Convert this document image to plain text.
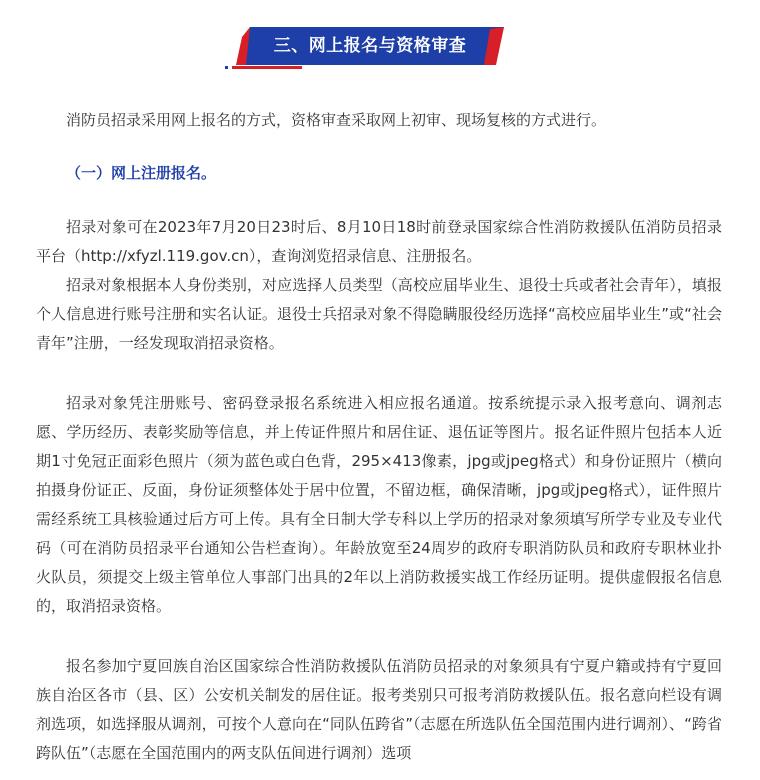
三、网上报名与资格审查

消防员招录采用网上报名的方式，资格审查采取网上初审、现场复核的方式进行。

（一）网上注册报名。

招录对象可在2023年7月20日23时后、8月10日18时前登录国家综合性消防救援队伍消防员招录平台（http://xfyzl.119.gov.cn），查询浏览招录信息、注册报名。

招录对象根据本人身份类别，对应选择人员类型（高校应届毕业生、退役士兵或者社会青年），填报个人信息进行账号注册和实名认证。退役士兵招录对象不得隐瞒服役经历选择“高校应届毕业生”或“社会青年”注册，一经发现取消招录资格。

招录对象凭注册账号、密码登录报名系统进入相应报名通道。按系统提示录入报考意向、调剂志愿、学历经历、表彰奖励等信息，并上传证件照片和居住证、退伍证等图片。报名证件照片包括本人近期1寸免冠正面彩色照片（须为蓝色或白色背，295×413像素，jpg或jpeg格式）和身份证照片（横向拍摄身份证正、反面，身份证须整体处于居中位置，不留边框，确保清晰，jpg或jpeg格式），证件照片需经系统工具核验通过后方可上传。具有全日制大学专科以上学历的招录对象须填写所学专业及专业代码（可在消防员招录平台通知公告栏查询）。年龄放宽至24周岁的政府专职消防队员和政府专职林业扑火队员，须提交上级主管单位人事部门出具的2年以上消防救援实战工作经历证明。提供虚假报名信息的，取消招录资格。

报名参加宁夏回族自治区国家综合性消防救援队伍消防员招录的对象须具有宁夏户籍或持有宁夏回族自治区各市（县、区）公安机关制发的居住证。报考类别只可报考消防救援队伍。报名意向栏设有调剂选项，如选择服从调剂，可按个人意向在“同队伍跨省”（志愿在所选队伍全国范围内进行调剂）、“跨省跨队伍”（志愿在全国范围内的两支队伍间进行调剂）选项
